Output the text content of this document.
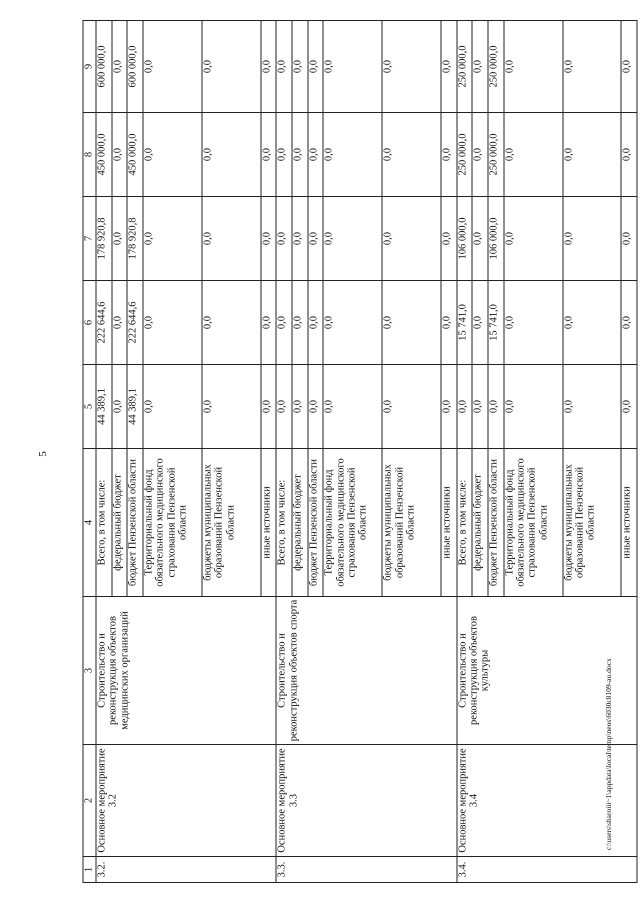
5
1	2	3	4	5	6	7	8	9
3.2.	Основное мероприятие 3.2	Строительство и реконструкция объектов медицинских организаций	Всего, в том числе:	44 389,1	222 644,6	178 920,8	450 000,0	600 000,0
			федеральный бюджет	0,0	0,0	0,0	0,0	0,0
			бюджет Пензенской области	44 389,1	222 644,6	178 920,8	450 000,0	600 000,0
			Территориальный фонд обязательного медицинского страхования Пензенской области	0,0	0,0	0,0	0,0	0,0
			бюджеты муниципальных образований Пензенской области	0,0	0,0	0,0	0,0	0,0
			иные источники	0,0	0,0	0,0	0,0	0,0
3.3.	Основное мероприятие 3.3	Строительство и реконструкция объектов спорта	Всего, в том числе:	0,0	0,0	0,0	0,0	0,0
			федеральный бюджет	0,0	0,0	0,0	0,0	0,0
			бюджет Пензенской области	0,0	0,0	0,0	0,0	0,0
			Территориальный фонд обязательного медицинского страхования Пензенской области	0,0	0,0	0,0	0,0	0,0
			бюджеты муниципальных образований Пензенской области	0,0	0,0	0,0	0,0	0,0
			иные источники	0,0	0,0	0,0	0,0	0,0
3.4.	Основное мероприятие 3.4	Строительство и реконструкция объектов культуры	Всего, в том числе:	0,0	15 741,0	106 000,0	250 000,0	250 000,0
			федеральный бюджет	0,0	0,0	0,0	0,0	0,0
			бюджет Пензенской области	0,0	15 741,0	106 000,0	250 000,0	250 000,0
			Территориальный фонд обязательного медицинского страхования Пензенской области	0,0	0,0	0,0	0,0	0,0
			бюджеты муниципальных образований Пензенской области	0,0	0,0	0,0	0,0	0,0
			иные источники	0,0	0,0	0,0	0,0	0,0
c:\users\sharoiii~1\appdata\local\temp\neos\6030c8109-au.docx
